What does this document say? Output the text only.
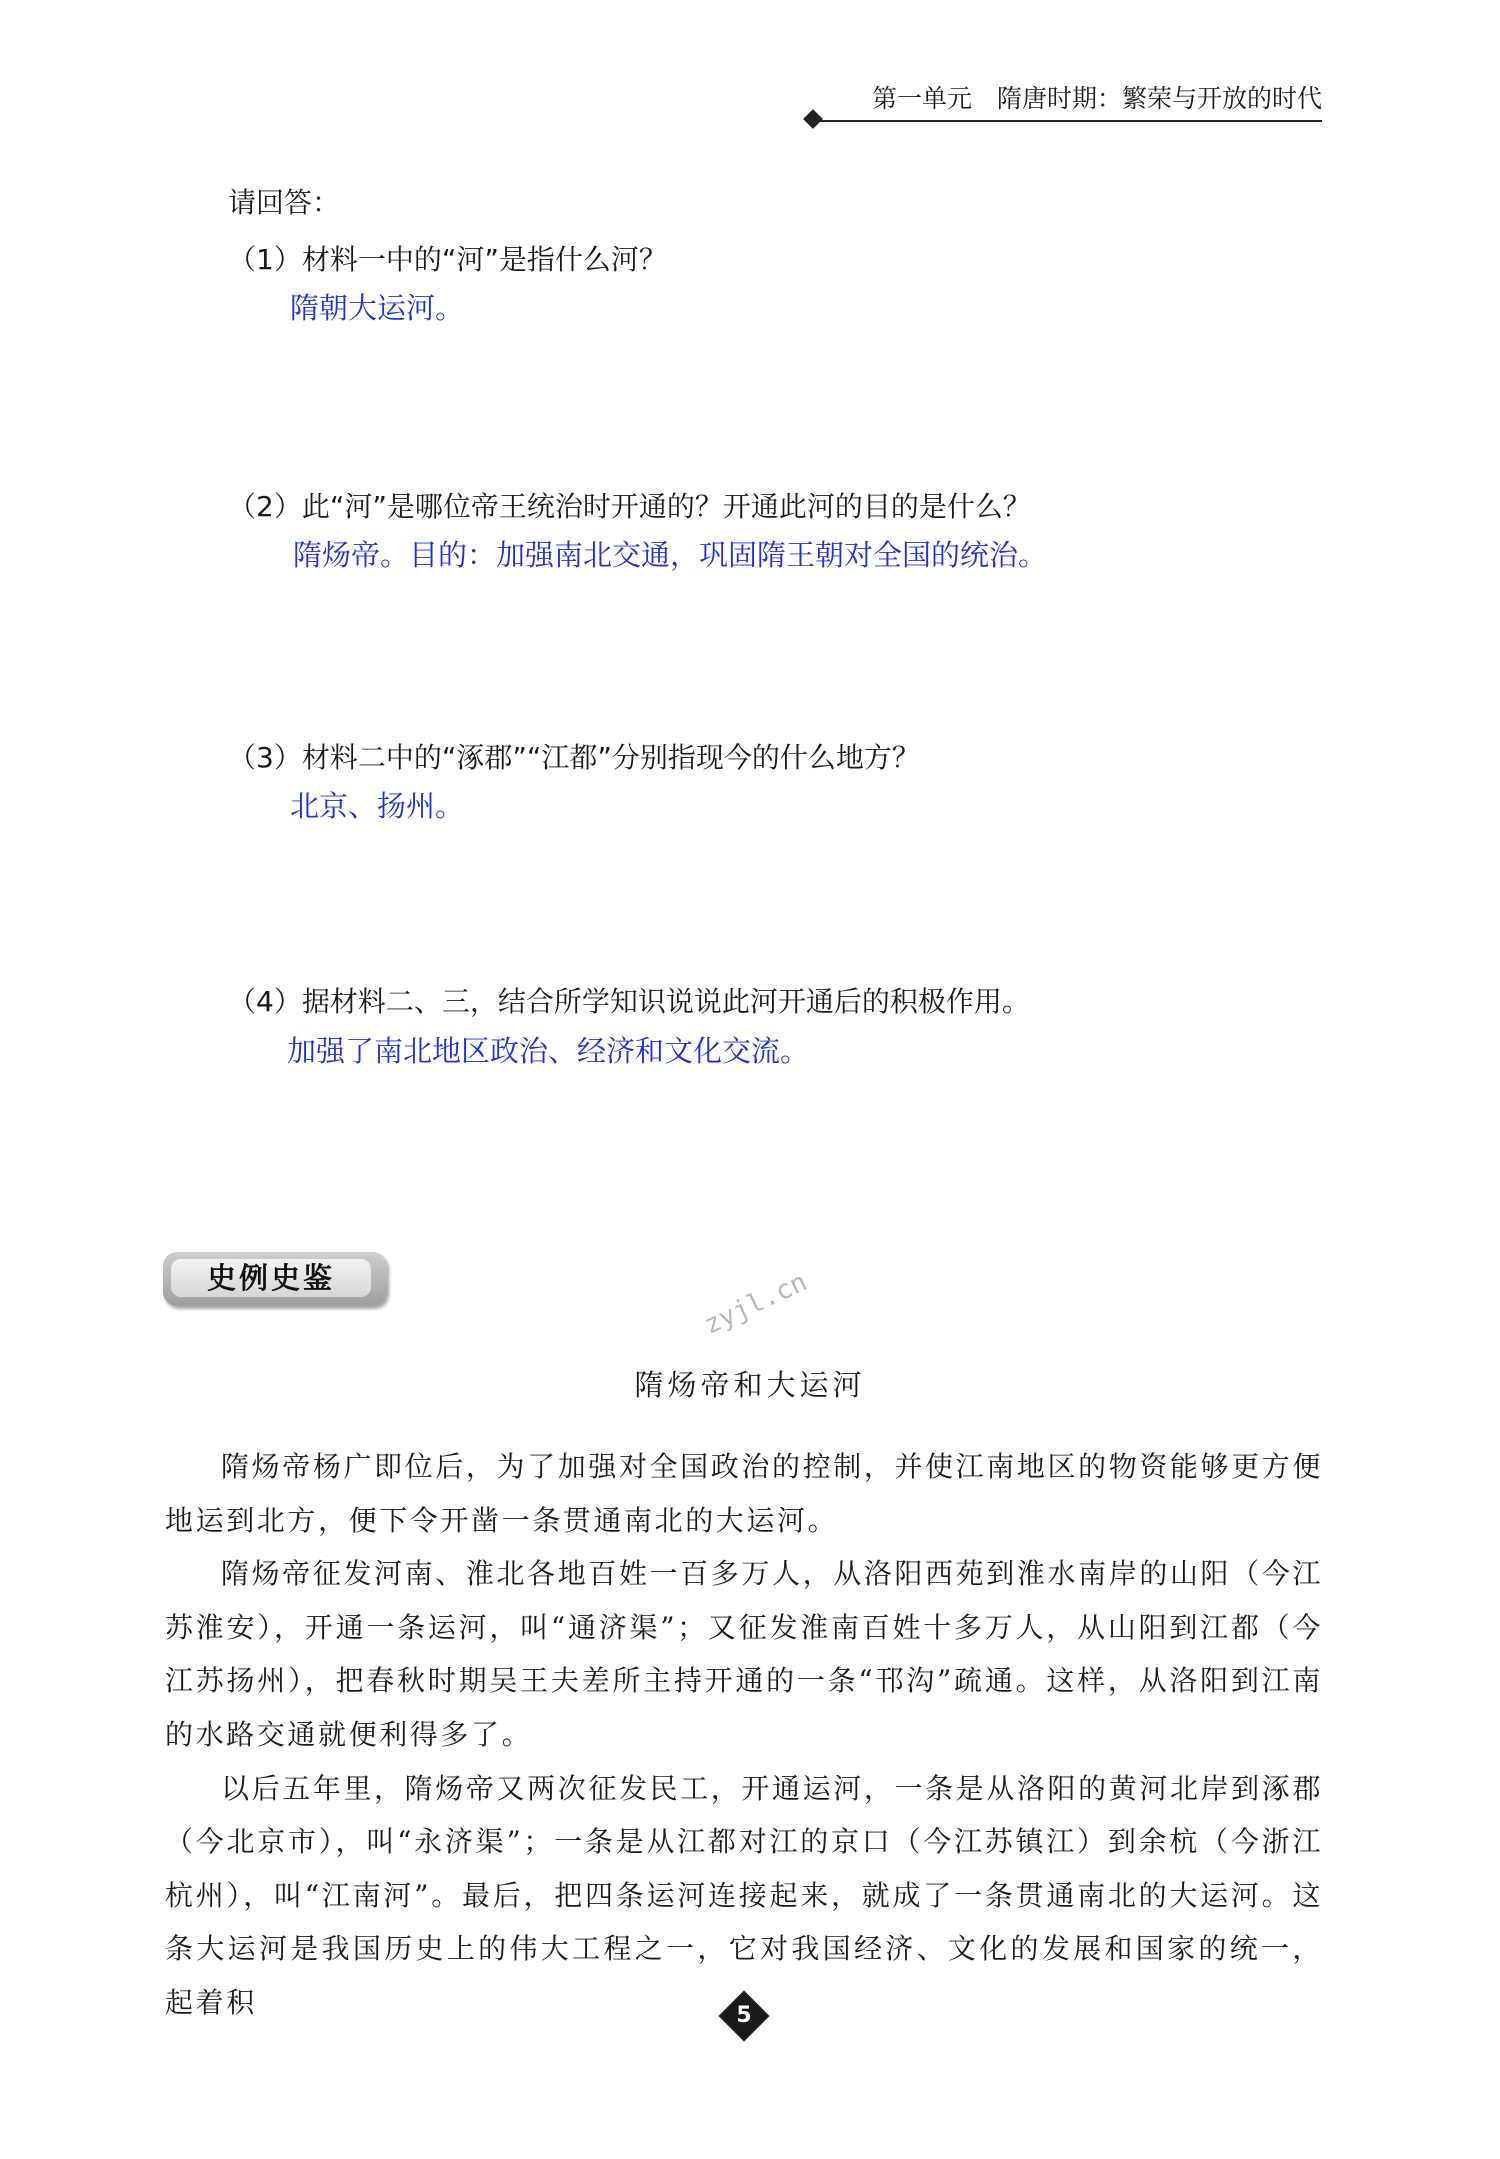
第一单元　隋唐时期：繁荣与开放的时代
请回答：
（1）材料一中的“河”是指什么河？
隋朝大运河。
（2）此“河”是哪位帝王统治时开通的？开通此河的目的是什么？
隋炀帝。目的：加强南北交通，巩固隋王朝对全国的统治。
（3）材料二中的“涿郡”“江都”分别指现今的什么地方？
北京、扬州。
（4）据材料二、三，结合所学知识说说此河开通后的积极作用。
加强了南北地区政治、经济和文化交流。
史例史鉴	zyjl.cn
隋炀帝和大运河

隋炀帝杨广即位后，为了加强对全国政治的控制，并使江南地区的物资能够更方便地运到北方，便下令开凿一条贯通南北的大运河。

隋炀帝征发河南、淮北各地百姓一百多万人，从洛阳西苑到淮水南岸的山阳（今江苏淮安），开通一条运河，叫“通济渠”；又征发淮南百姓十多万人，从山阳到江都（今江苏扬州），把春秋时期吴王夫差所主持开通的一条“邗沟”疏通。这样，从洛阳到江南的水路交通就便利得多了。

以后五年里，隋炀帝又两次征发民工，开通运河，一条是从洛阳的黄河北岸到涿郡（今北京市），叫“永济渠”；一条是从江都对江的京口（今江苏镇江）到余杭（今浙江杭州），叫“江南河”。最后，把四条运河连接起来，就成了一条贯通南北的大运河。这条大运河是我国历史上的伟大工程之一，它对我国经济、文化的发展和国家的统一，起着积	5
